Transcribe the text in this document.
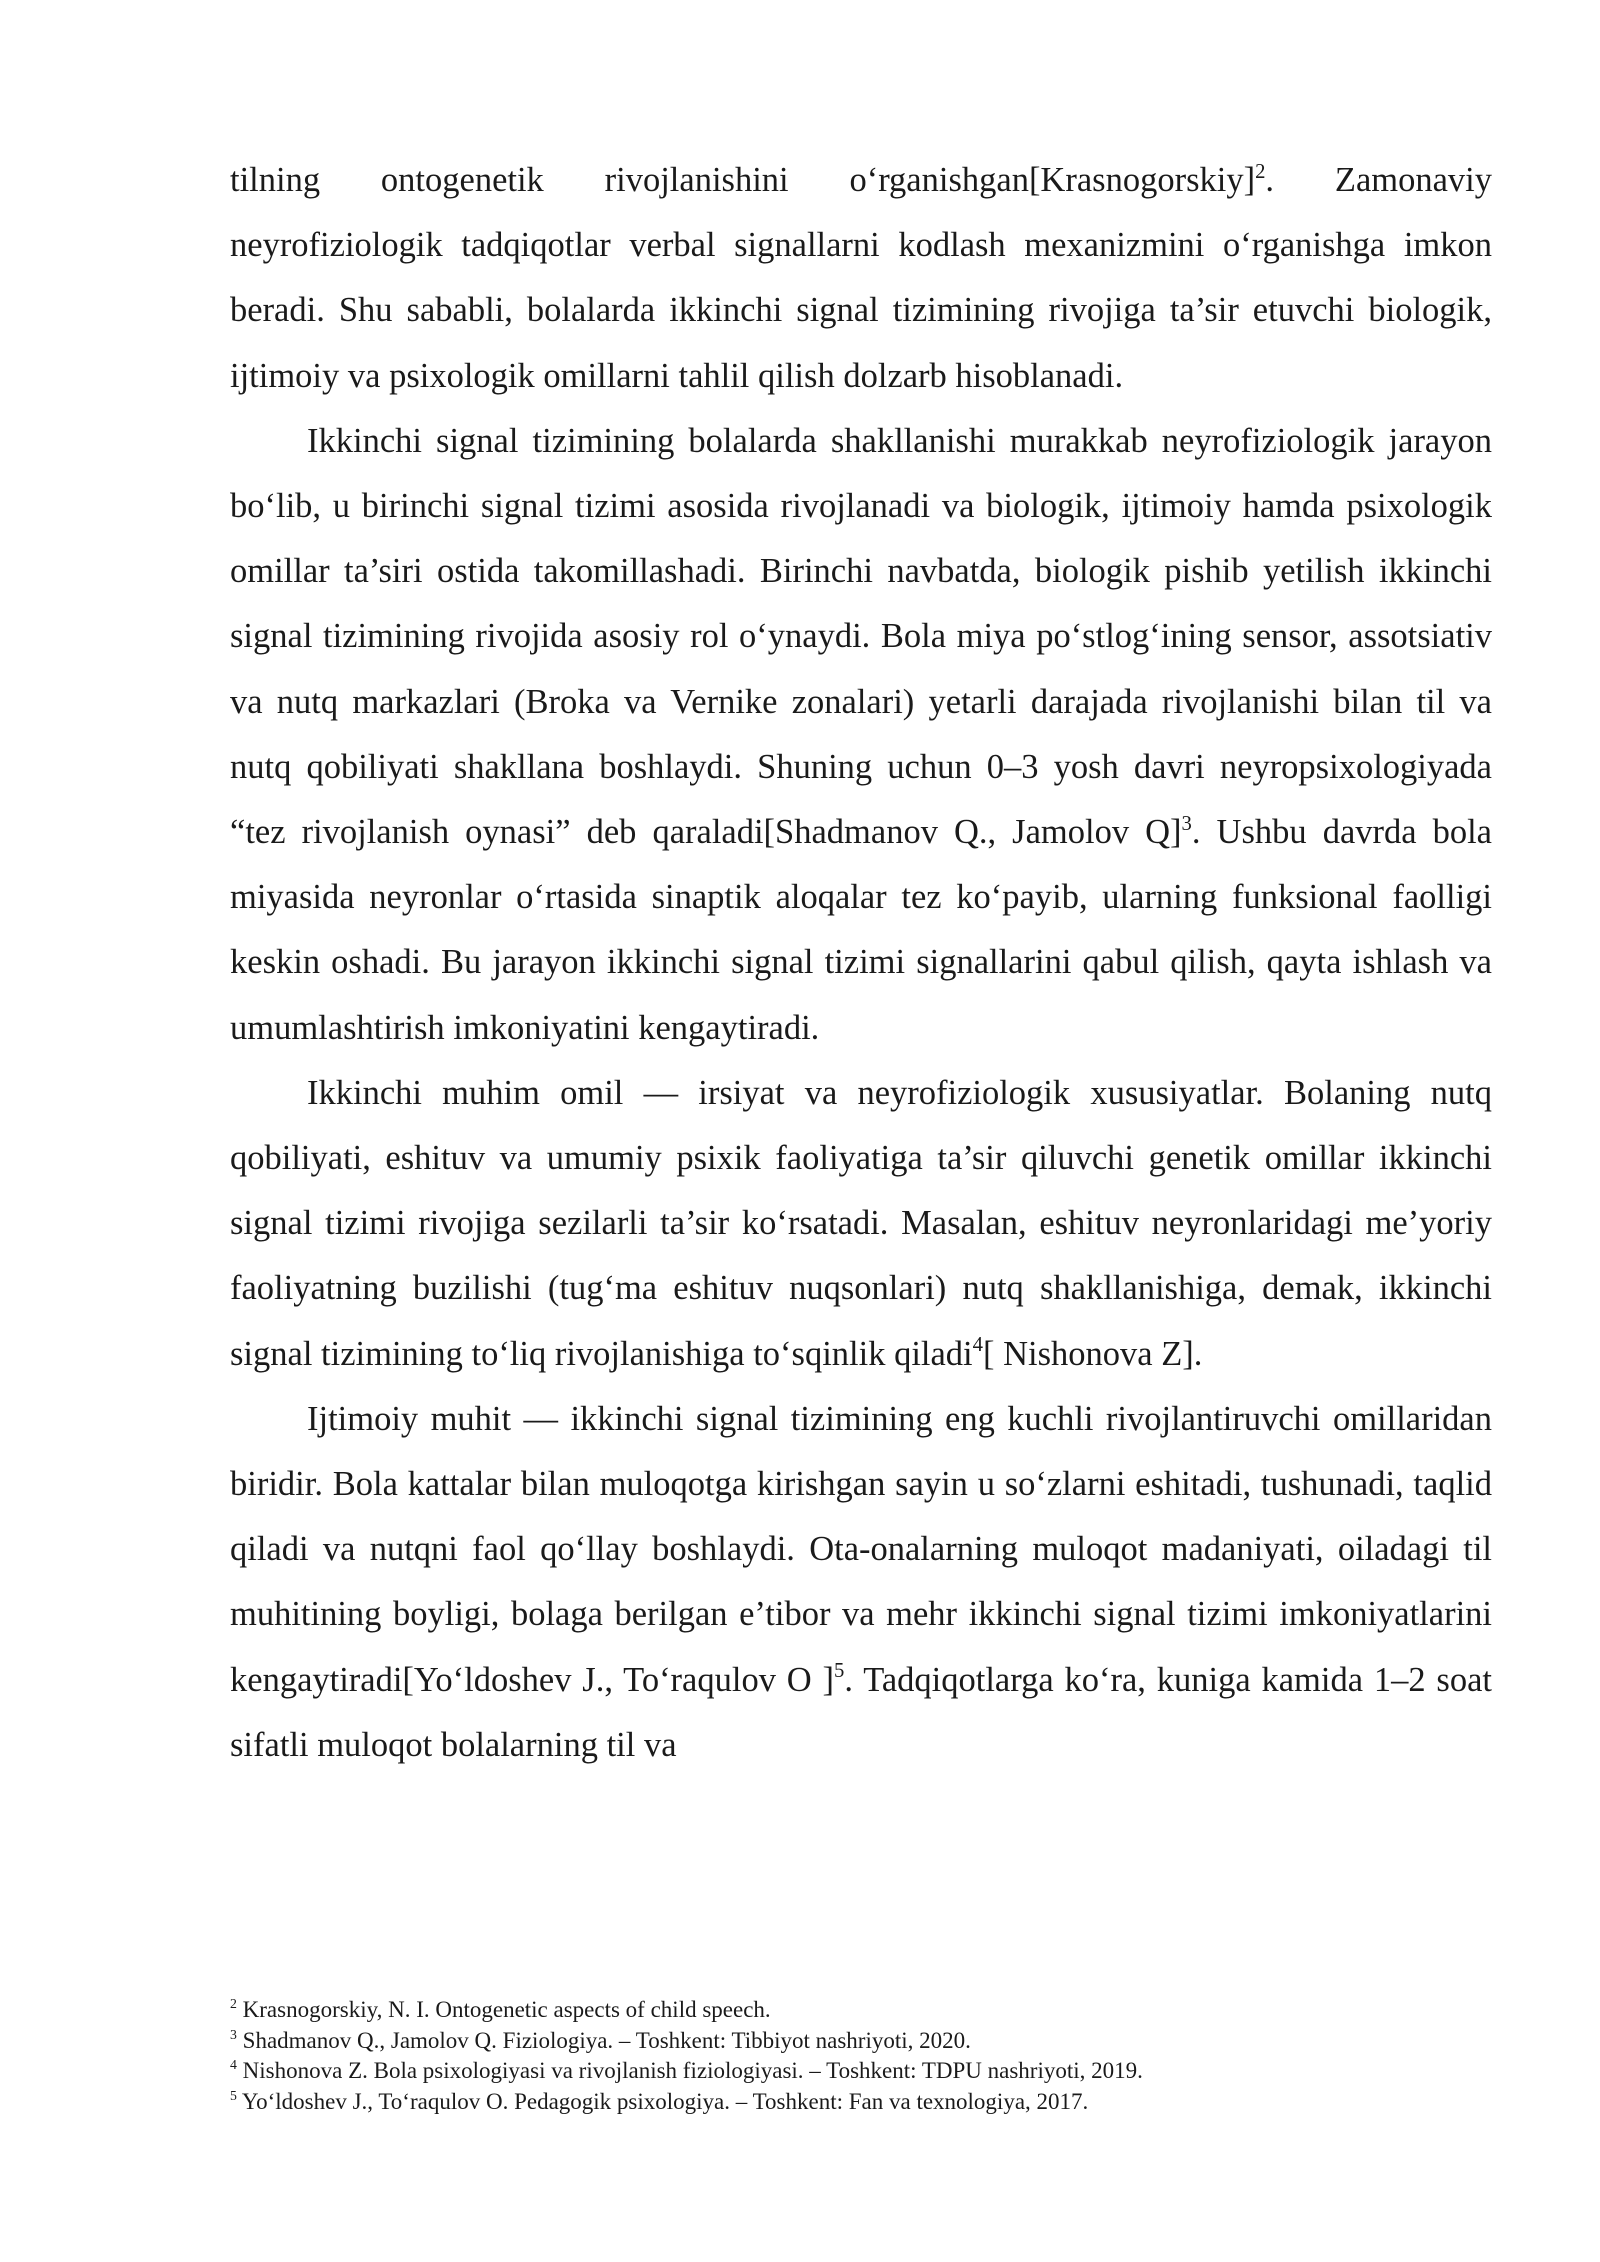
tilning ontogenetik rivojlanishini o‘rganishgan[Krasnogorskiy]$^2$. Zamonaviy neyrofiziologik tadqiqotlar verbal signallarni kodlash mexanizmini o‘rganishga imkon beradi. Shu sababli, bolalarda ikkinchi signal tizimining rivojiga ta’sir etuvchi biologik, ijtimoiy va psixologik omillarni tahlil qilish dolzarb hisoblanadi.

Ikkinchi signal tizimining bolalarda shakllanishi murakkab neyrofiziologik jarayon bo‘lib, u birinchi signal tizimi asosida rivojlanadi va biologik, ijtimoiy hamda psixologik omillar ta’siri ostida takomillashadi. Birinchi navbatda, biologik pishib yetilish ikkinchi signal tizimining rivojida asosiy rol o‘ynaydi. Bola miya po‘stlog‘ining sensor, assotsiativ va nutq markazlari (Broka va Vernike zonalari) yetarli darajada rivojlanishi bilan til va nutq qobiliyati shakllana boshlaydi. Shuning uchun 0–3 yosh davri neyropsixologiyada “tez rivojlanish oynasi” deb qaraladi[Shadmanov Q., Jamolov Q]$^3$. Ushbu davrda bola miyasida neyronlar o‘rtasida sinaptik aloqalar tez ko‘payib, ularning funksional faolligi keskin oshadi. Bu jarayon ikkinchi signal tizimi signallarini qabul qilish, qayta ishlash va umumlashtirish imkoniyatini kengaytiradi.

Ikkinchi muhim omil — irsiyat va neyrofiziologik xususiyatlar. Bolaning nutq qobiliyati, eshituv va umumiy psixik faoliyatiga ta’sir qiluvchi genetik omillar ikkinchi signal tizimi rivojiga sezilarli ta’sir ko‘rsatadi. Masalan, eshituv neyronlaridagi me’yoriy faoliyatning buzilishi (tug‘ma eshituv nuqsonlari) nutq shakllanishiga, demak, ikkinchi signal tizimining to‘liq rivojlanishiga to‘sqinlik qiladi$^4$[ Nishonova Z].

Ijtimoiy muhit — ikkinchi signal tizimining eng kuchli rivojlantiruvchi omillaridan biridir. Bola kattalar bilan muloqotga kirishgan sayin u so‘zlarni eshitadi, tushunadi, taqlid qiladi va nutqni faol qo‘llay boshlaydi. Ota-onalarning muloqot madaniyati, oiladagi til muhitining boyligi, bolaga berilgan e’tibor va mehr ikkinchi signal tizimi imkoniyatlarini kengaytiradi[Yo‘ldoshev J., To‘raqulov O ]$^5$. Tadqiqotlarga ko‘ra, kuniga kamida 1–2 soat sifatli muloqot bolalarning til va

$^2$ Krasnogorskiy, N. I. Ontogenetic aspects of child speech.
$^3$ Shadmanov Q., Jamolov Q. Fiziologiya. – Toshkent: Tibbiyot nashriyoti, 2020.
$^4$ Nishonova Z. Bola psixologiyasi va rivojlanish fiziologiyasi. – Toshkent: TDPU nashriyoti, 2019.
$^5$ Yo‘ldoshev J., To‘raqulov O. Pedagogik psixologiya. – Toshkent: Fan va texnologiya, 2017.
